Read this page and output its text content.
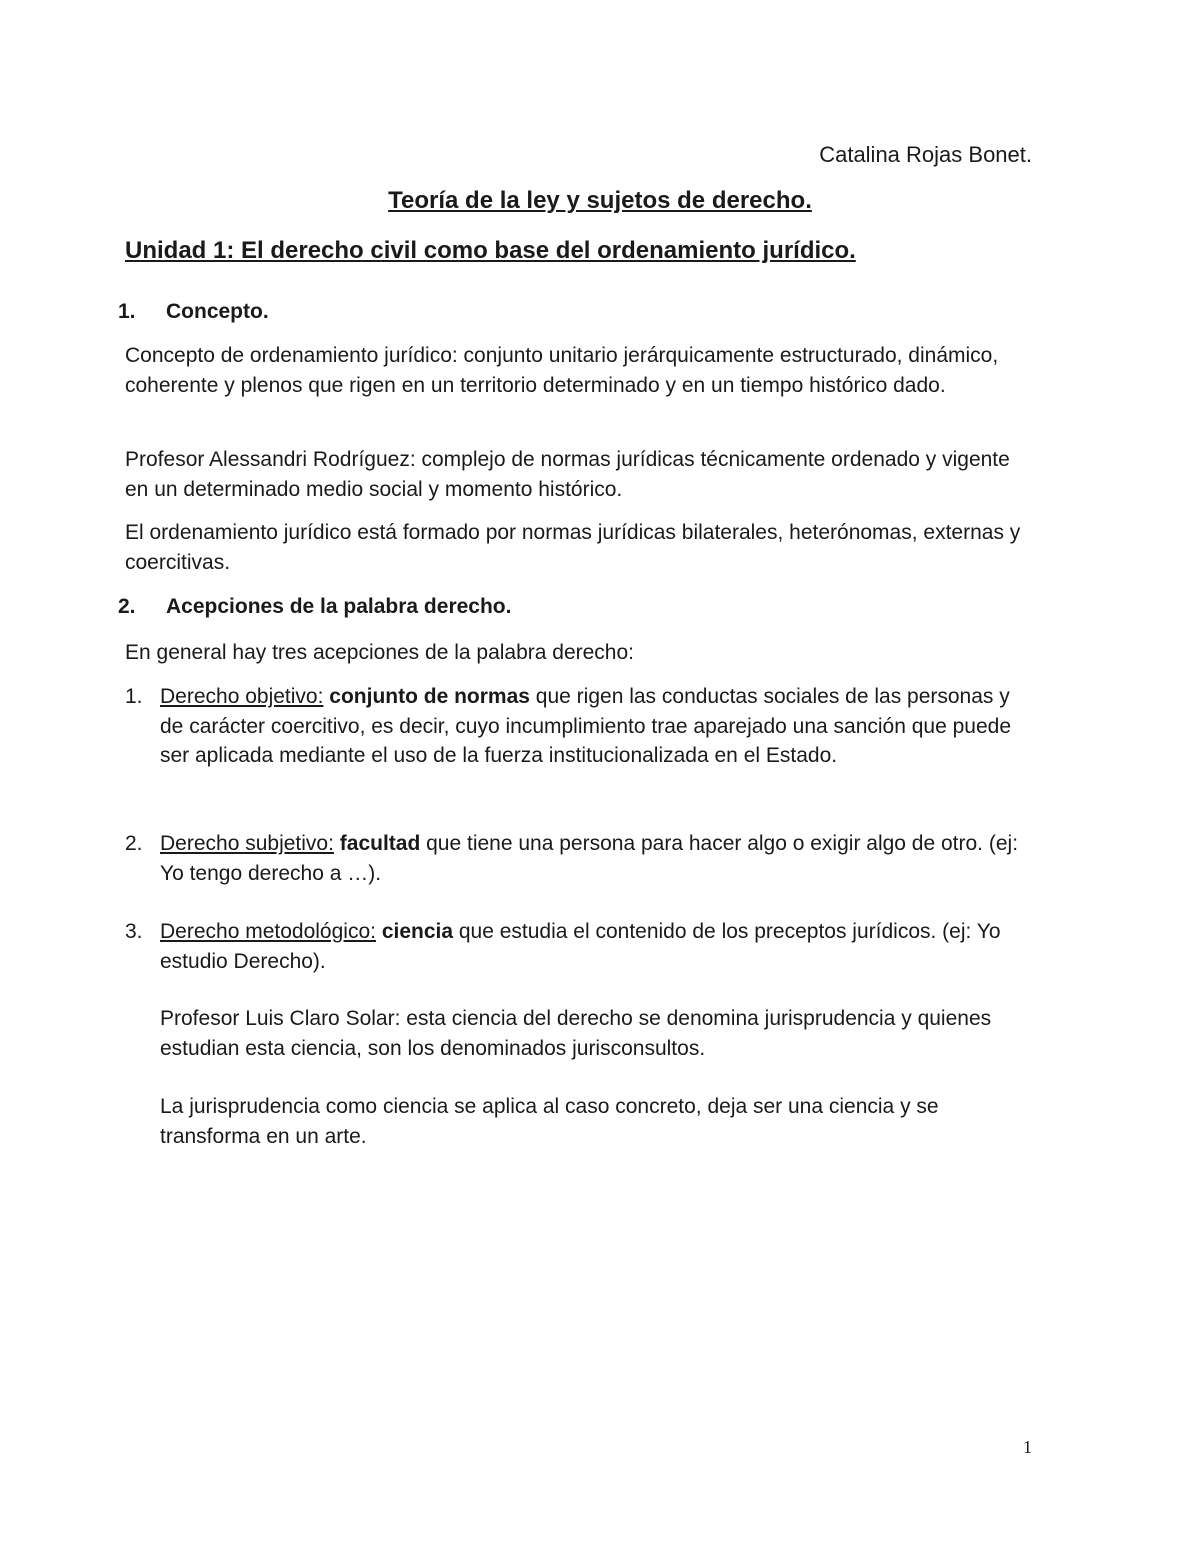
Catalina Rojas Bonet.
Teoría de la ley y sujetos de derecho.
Unidad 1: El derecho civil como base del ordenamiento jurídico.
1. Concepto.
Concepto de ordenamiento jurídico: conjunto unitario jerárquicamente estructurado, dinámico, coherente y plenos que rigen en un territorio determinado y en un tiempo histórico dado.
Profesor Alessandri Rodríguez: complejo de normas jurídicas técnicamente ordenado y vigente en un determinado medio social y momento histórico.
El ordenamiento jurídico está formado por normas jurídicas bilaterales, heterónomas, externas y coercitivas.
2. Acepciones de la palabra derecho.
En general hay tres acepciones de la palabra derecho:
1. Derecho objetivo: conjunto de normas que rigen las conductas sociales de las personas y de carácter coercitivo, es decir, cuyo incumplimiento trae aparejado una sanción que puede ser aplicada mediante el uso de la fuerza institucionalizada en el Estado.
2. Derecho subjetivo: facultad que tiene una persona para hacer algo o exigir algo de otro. (ej: Yo tengo derecho a …).
3. Derecho metodológico: ciencia que estudia el contenido de los preceptos jurídicos. (ej: Yo estudio Derecho).
Profesor Luis Claro Solar: esta ciencia del derecho se denomina jurisprudencia y quienes estudian esta ciencia, son los denominados jurisconsultos.
La jurisprudencia como ciencia se aplica al caso concreto, deja ser una ciencia y se transforma en un arte.
1
